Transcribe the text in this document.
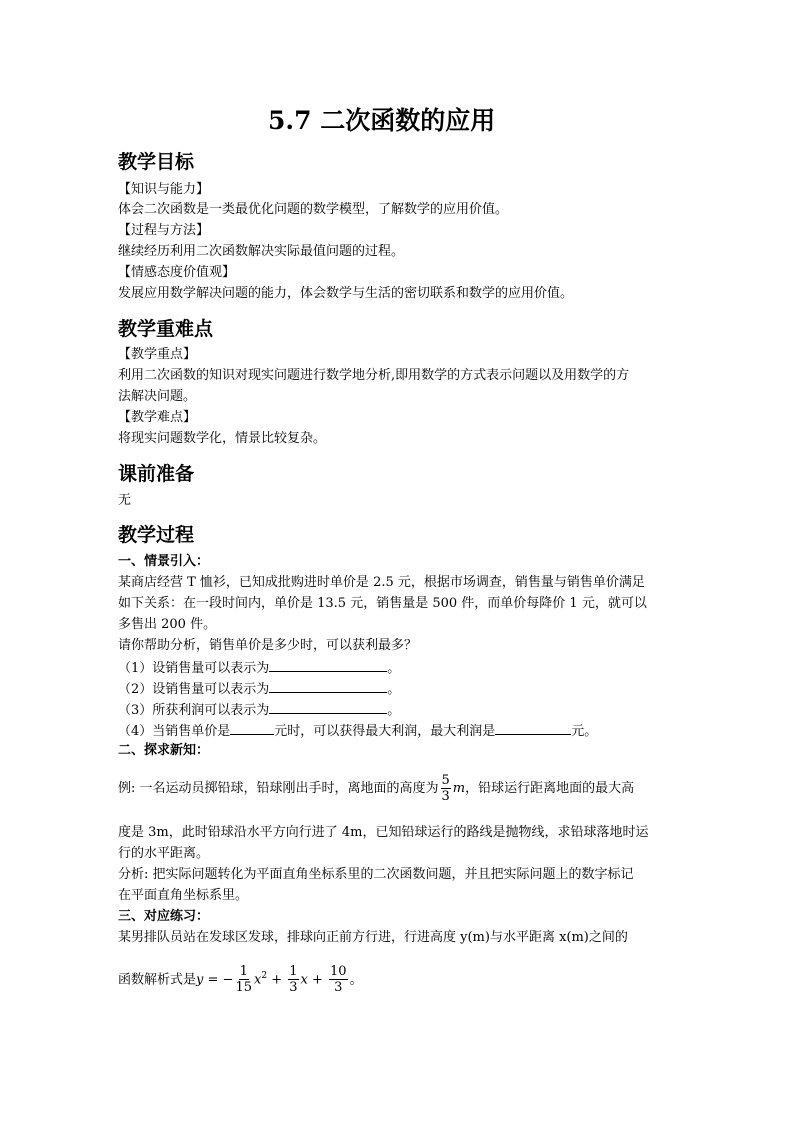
5.7 二次函数的应用
教学目标
【知识与能力】
体会二次函数是一类最优化问题的数学模型，了解数学的应用价值。
【过程与方法】
继续经历利用二次函数解决实际最值问题的过程。
【情感态度价值观】
发展应用数学解决问题的能力，体会数学与生活的密切联系和数学的应用价值。
教学重难点
【教学重点】
利用二次函数的知识对现实问题进行数学地分析,即用数学的方式表示问题以及用数学的方
法解决问题。
【教学难点】
将现实问题数学化，情景比较复杂。
课前准备
无
教学过程
一、情景引入：
某商店经营 T 恤衫，已知成批购进时单价是 2.5 元，根据市场调查，销售量与销售单价满足
如下关系：在一段时间内，单价是 13.5 元，销售量是 500 件，而单价每降价 1 元，就可以
多售出 200 件。
请你帮助分析，销售单价是多少时，可以获利最多？
（1）设销售量可以表示为	。
（2）设销售量可以表示为	。
（3）所获利润可以表示为	。
（4）当销售单价是	元时，可以获得最大利润，最大利润是	元。
二、探求新知：
例: 一名运动员掷铅球，铅球刚出手时，离地面的高度为 $\frac{5}{3}$ m，铅球运行距离地面的最大高
度是 3m，此时铅球沿水平方向行进了 4m，已知铅球运行的路线是抛物线，求铅球落地时运
行的水平距离。
分析: 把实际问题转化为平面直角坐标系里的二次函数问题，并且把实际问题上的数字标记
在平面直角坐标系里。
三、对应练习：
某男排队员站在发球区发球，排球向正前方行进，行进高度 y(m)与水平距离 x(m)之间的
函数解析式是y = − $\frac{1}{15} x^2 + \frac{1}{3}$ $x + \frac{10}{3}$ 。
